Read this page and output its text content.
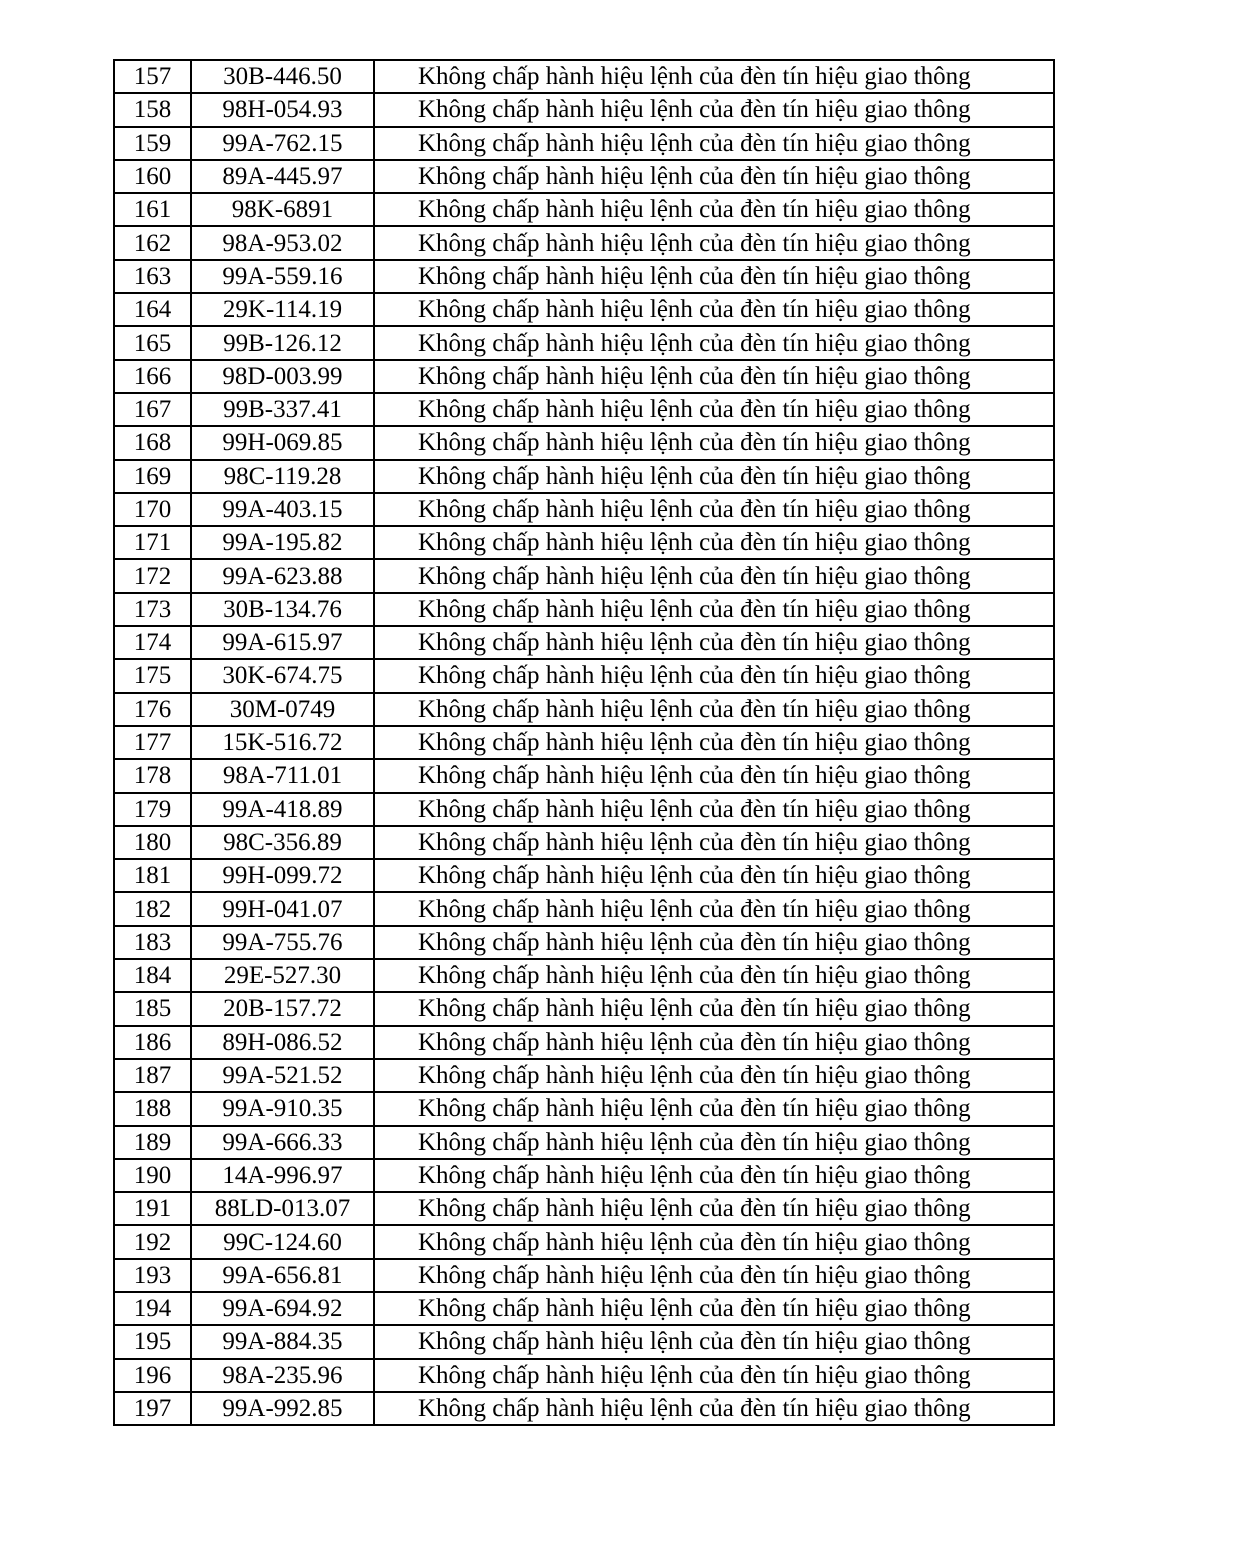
157	30B-446.50	Không chấp hành hiệu lệnh của đèn tín hiệu giao thông
158	98H-054.93	Không chấp hành hiệu lệnh của đèn tín hiệu giao thông
159	99A-762.15	Không chấp hành hiệu lệnh của đèn tín hiệu giao thông
160	89A-445.97	Không chấp hành hiệu lệnh của đèn tín hiệu giao thông
161	98K-6891	Không chấp hành hiệu lệnh của đèn tín hiệu giao thông
162	98A-953.02	Không chấp hành hiệu lệnh của đèn tín hiệu giao thông
163	99A-559.16	Không chấp hành hiệu lệnh của đèn tín hiệu giao thông
164	29K-114.19	Không chấp hành hiệu lệnh của đèn tín hiệu giao thông
165	99B-126.12	Không chấp hành hiệu lệnh của đèn tín hiệu giao thông
166	98D-003.99	Không chấp hành hiệu lệnh của đèn tín hiệu giao thông
167	99B-337.41	Không chấp hành hiệu lệnh của đèn tín hiệu giao thông
168	99H-069.85	Không chấp hành hiệu lệnh của đèn tín hiệu giao thông
169	98C-119.28	Không chấp hành hiệu lệnh của đèn tín hiệu giao thông
170	99A-403.15	Không chấp hành hiệu lệnh của đèn tín hiệu giao thông
171	99A-195.82	Không chấp hành hiệu lệnh của đèn tín hiệu giao thông
172	99A-623.88	Không chấp hành hiệu lệnh của đèn tín hiệu giao thông
173	30B-134.76	Không chấp hành hiệu lệnh của đèn tín hiệu giao thông
174	99A-615.97	Không chấp hành hiệu lệnh của đèn tín hiệu giao thông
175	30K-674.75	Không chấp hành hiệu lệnh của đèn tín hiệu giao thông
176	30M-0749	Không chấp hành hiệu lệnh của đèn tín hiệu giao thông
177	15K-516.72	Không chấp hành hiệu lệnh của đèn tín hiệu giao thông
178	98A-711.01	Không chấp hành hiệu lệnh của đèn tín hiệu giao thông
179	99A-418.89	Không chấp hành hiệu lệnh của đèn tín hiệu giao thông
180	98C-356.89	Không chấp hành hiệu lệnh của đèn tín hiệu giao thông
181	99H-099.72	Không chấp hành hiệu lệnh của đèn tín hiệu giao thông
182	99H-041.07	Không chấp hành hiệu lệnh của đèn tín hiệu giao thông
183	99A-755.76	Không chấp hành hiệu lệnh của đèn tín hiệu giao thông
184	29E-527.30	Không chấp hành hiệu lệnh của đèn tín hiệu giao thông
185	20B-157.72	Không chấp hành hiệu lệnh của đèn tín hiệu giao thông
186	89H-086.52	Không chấp hành hiệu lệnh của đèn tín hiệu giao thông
187	99A-521.52	Không chấp hành hiệu lệnh của đèn tín hiệu giao thông
188	99A-910.35	Không chấp hành hiệu lệnh của đèn tín hiệu giao thông
189	99A-666.33	Không chấp hành hiệu lệnh của đèn tín hiệu giao thông
190	14A-996.97	Không chấp hành hiệu lệnh của đèn tín hiệu giao thông
191	88LD-013.07	Không chấp hành hiệu lệnh của đèn tín hiệu giao thông
192	99C-124.60	Không chấp hành hiệu lệnh của đèn tín hiệu giao thông
193	99A-656.81	Không chấp hành hiệu lệnh của đèn tín hiệu giao thông
194	99A-694.92	Không chấp hành hiệu lệnh của đèn tín hiệu giao thông
195	99A-884.35	Không chấp hành hiệu lệnh của đèn tín hiệu giao thông
196	98A-235.96	Không chấp hành hiệu lệnh của đèn tín hiệu giao thông
197	99A-992.85	Không chấp hành hiệu lệnh của đèn tín hiệu giao thông
